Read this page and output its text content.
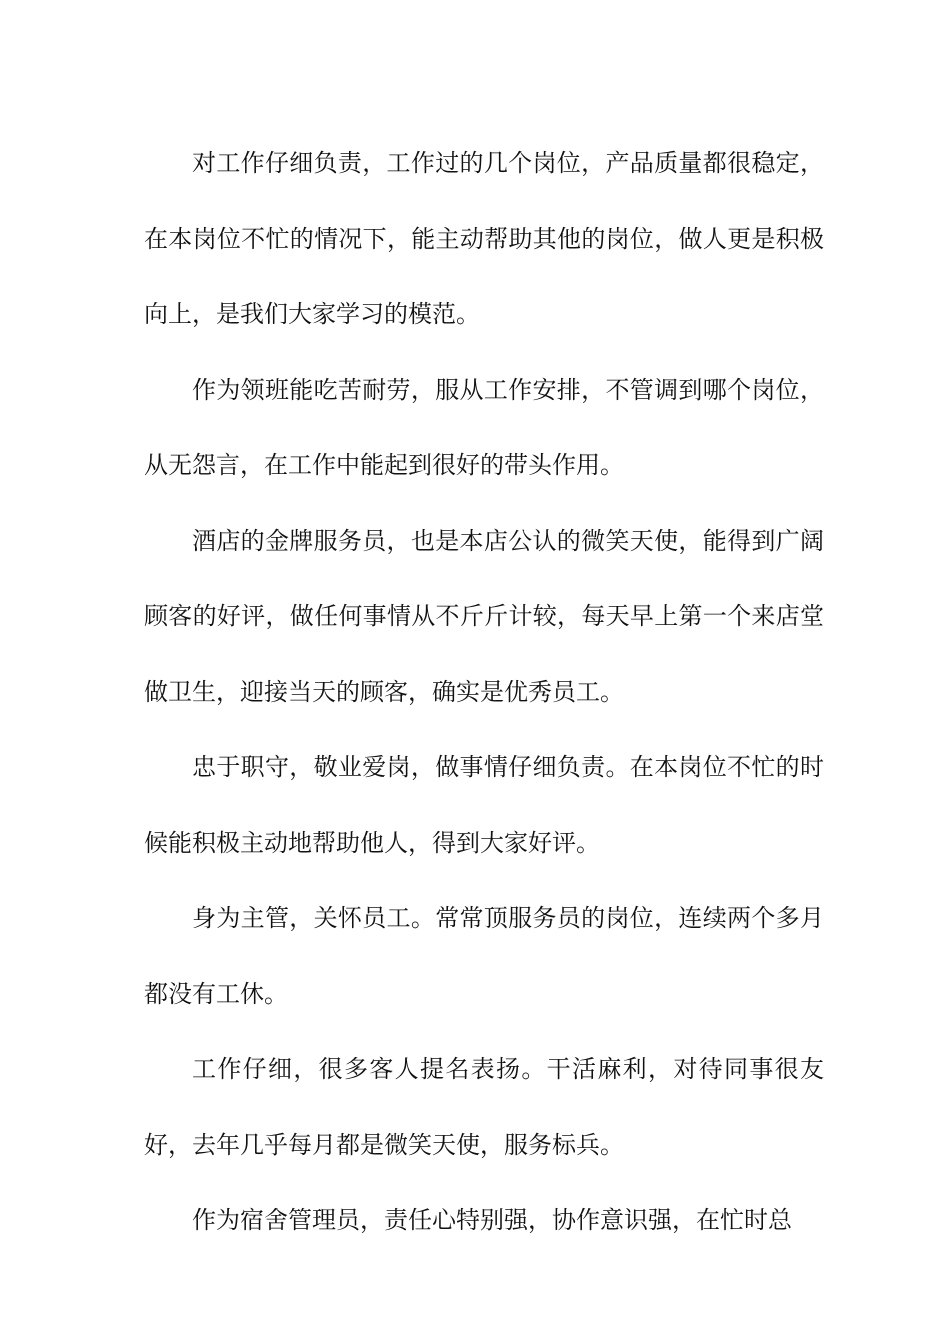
对工作仔细负责，工作过的几个岗位，产品质量都很稳定，在本岗位不忙的情况下，能主动帮助其他的岗位，做人更是积极向上，是我们大家学习的模范。

作为领班能吃苦耐劳，服从工作安排，不管调到哪个岗位，从无怨言，在工作中能起到很好的带头作用。

酒店的金牌服务员，也是本店公认的微笑天使，能得到广阔顾客的好评，做任何事情从不斤斤计较，每天早上第一个来店堂做卫生，迎接当天的顾客，确实是优秀员工。

忠于职守，敬业爱岗，做事情仔细负责。在本岗位不忙的时候能积极主动地帮助他人，得到大家好评。

身为主管，关怀员工。常常顶服务员的岗位，连续两个多月都没有工休。

工作仔细，很多客人提名表扬。干活麻利，对待同事很友好，去年几乎每月都是微笑天使，服务标兵。

作为宿舍管理员，责任心特别强，协作意识强，在忙时总
